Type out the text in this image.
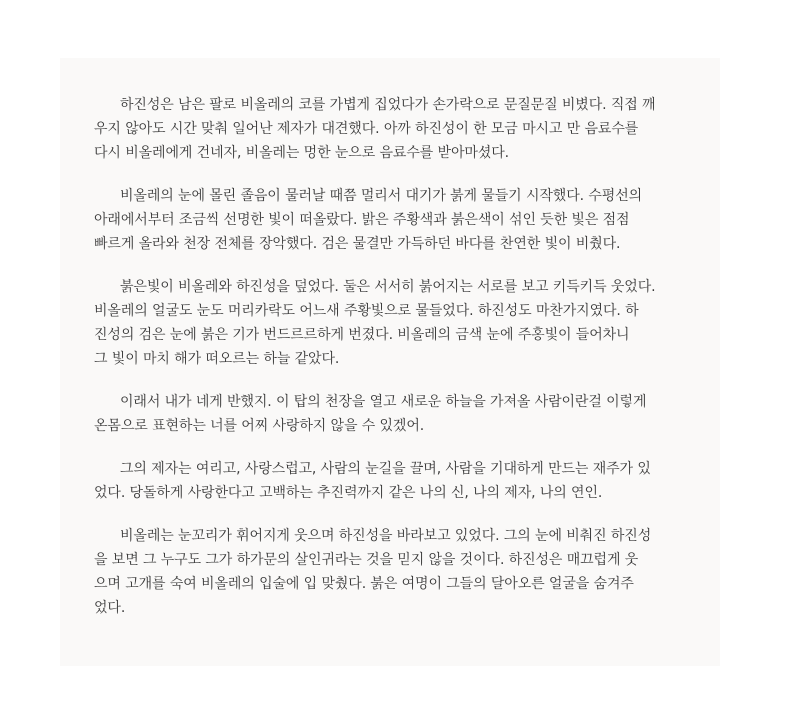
하진성은 남은 팔로 비올레의 코를 가볍게 집었다가 손가락으로 문질문질 비볐다. 직접 깨
우지 않아도 시간 맞춰 일어난 제자가 대견했다. 아까 하진성이 한 모금 마시고 만 음료수를
다시 비올레에게 건네자, 비올레는 멍한 눈으로 음료수를 받아마셨다.

비올레의 눈에 몰린 졸음이 물러날 때쯤 멀리서 대기가 붉게 물들기 시작했다. 수평선의
아래에서부터 조금씩 선명한 빛이 떠올랐다. 밝은 주황색과 붉은색이 섞인 듯한 빛은 점점
빠르게 올라와 천장 전체를 장악했다. 검은 물결만 가득하던 바다를 찬연한 빛이 비췄다.

붉은빛이 비올레와 하진성을 덮었다. 둘은 서서히 붉어지는 서로를 보고 키득키득 웃었다.
비올레의 얼굴도 눈도 머리카락도 어느새 주황빛으로 물들었다. 하진성도 마찬가지였다. 하
진성의 검은 눈에 붉은 기가 번드르르하게 번졌다. 비올레의 금색 눈에 주홍빛이 들어차니
그 빛이 마치 해가 떠오르는 하늘 같았다.

이래서 내가 네게 반했지. 이 탑의 천장을 열고 새로운 하늘을 가져올 사람이란걸 이렇게
온몸으로 표현하는 너를 어찌 사랑하지 않을 수 있겠어.

그의 제자는 여리고, 사랑스럽고, 사람의 눈길을 끌며, 사람을 기대하게 만드는 재주가 있
었다. 당돌하게 사랑한다고 고백하는 추진력까지 같은 나의 신, 나의 제자, 나의 연인.

비올레는 눈꼬리가 휘어지게 웃으며 하진성을 바라보고 있었다. 그의 눈에 비춰진 하진성
을 보면 그 누구도 그가 하가문의 살인귀라는 것을 믿지 않을 것이다. 하진성은 매끄럽게 웃
으며 고개를 숙여 비올레의 입술에 입 맞췄다. 붉은 여명이 그들의 달아오른 얼굴을 숨겨주
었다.
